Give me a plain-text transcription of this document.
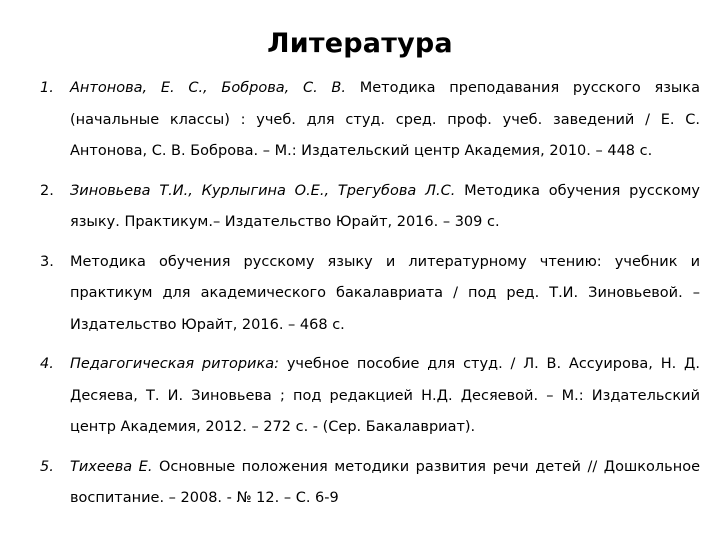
Литература
1.	Антонова, Е. С., Боброва, С. В. Методика преподавания русского языка (начальные классы) : учеб. для студ. сред. проф. учеб. заведений / Е. С. Антонова, С. В. Боброва. – М.: Издательский центр Академия, 2010. – 448 с.
2.	Зиновьева Т.И., Курлыгина О.Е., Трегубова Л.С. Методика обучения русскому языку. Практикум.– Издательство Юрайт, 2016. – 309 с.
3.	Методика обучения русскому языку и литературному чтению: учебник и практикум для академического бакалавриата / под ред. Т.И. Зиновьевой. – Издательство Юрайт, 2016. – 468 с.
4.	Педагогическая риторика: учебное пособие для студ. / Л. В. Ассуирова, Н. Д. Десяева, Т. И. Зиновьева ; под редакцией Н.Д. Десяевой. – М.: Издательский центр Академия, 2012. – 272 с. - (Сер. Бакалавриат).
5.	Тихеева Е. Основные положения методики развития речи детей // Дошкольное воспитание. – 2008. - № 12. – С. 6-9
